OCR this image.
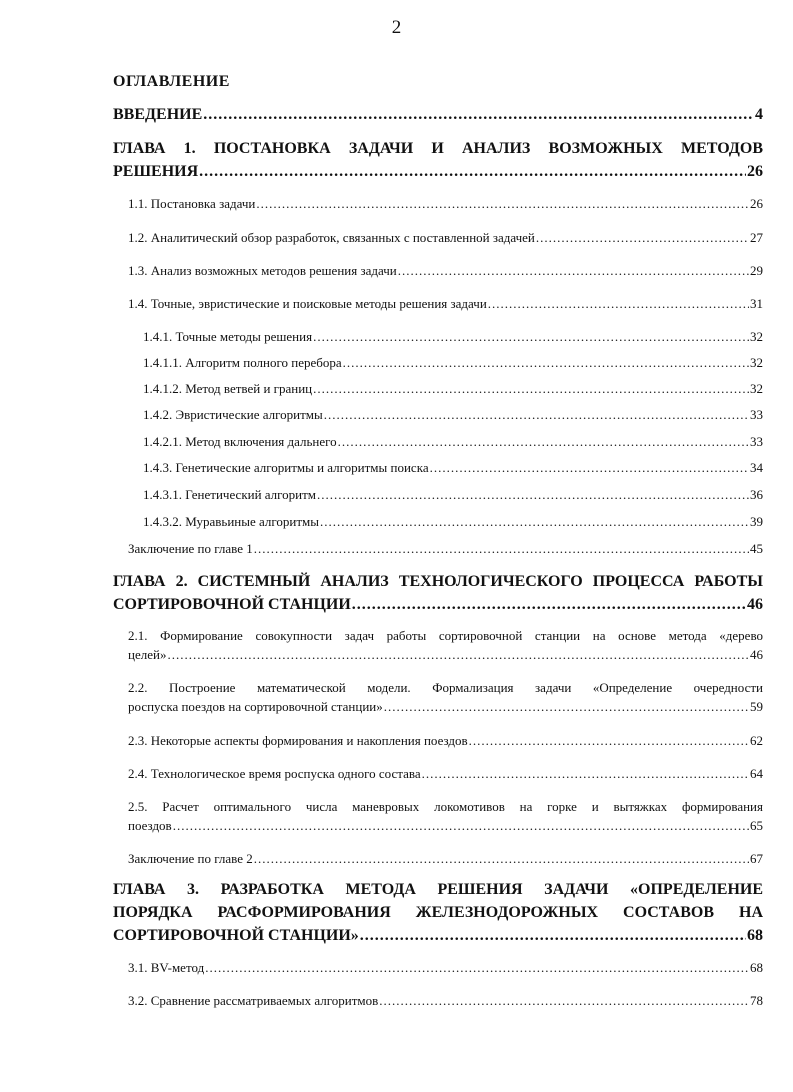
2
ОГЛАВЛЕНИЕ
ВВЕДЕНИЕ .....	4
ГЛАВА 1. ПОСТАНОВКА ЗАДАЧИ И АНАЛИЗ ВОЗМОЖНЫХ МЕТОДОВ
РЕШЕНИЯ .....	26
1.1. Постановка задачи .....	26
1.2. Аналитический обзор разработок, связанных с поставленной задачей .....	27
1.3. Анализ возможных методов решения задачи .....	29
1.4. Точные, эвристические и поисковые методы решения задачи .....	31
1.4.1. Точные методы решения .....	32
1.4.1.1. Алгоритм полного перебора .....	32
1.4.1.2. Метод ветвей и границ .....	32
1.4.2. Эвристические алгоритмы .....	33
1.4.2.1. Метод включения дальнего .....	33
1.4.3. Генетические алгоритмы и алгоритмы поиска .....	34
1.4.3.1. Генетический алгоритм .....	36
1.4.3.2. Муравьиные алгоритмы .....	39
Заключение по главе 1 .....	45
ГЛАВА 2. СИСТЕМНЫЙ АНАЛИЗ ТЕХНОЛОГИЧЕСКОГО ПРОЦЕССА РАБОТЫ
СОРТИРОВОЧНОЙ СТАНЦИИ .....	46
2.1. Формирование совокупности задач работы сортировочной станции на основе метода «дерево
целей» .....	46
2.2. Построение математической модели. Формализация задачи «Определение очередности
роспуска поездов на сортировочной станции» .....	59
2.3. Некоторые аспекты формирования и накопления поездов .....	62
2.4. Технологическое время роспуска одного состава .....	64
2.5. Расчет оптимального числа маневровых локомотивов на горке и вытяжках формирования
поездов .....	65
Заключение по главе 2 .....	67
ГЛАВА 3. РАЗРАБОТКА МЕТОДА РЕШЕНИЯ ЗАДАЧИ «ОПРЕДЕЛЕНИЕ
ПОРЯДКА РАСФОРМИРОВАНИЯ ЖЕЛЕЗНОДОРОЖНЫХ СОСТАВОВ НА
СОРТИРОВОЧНОЙ СТАНЦИИ» .....	68
3.1. BV-метод .....	68
3.2. Сравнение рассматриваемых алгоритмов .....	78
